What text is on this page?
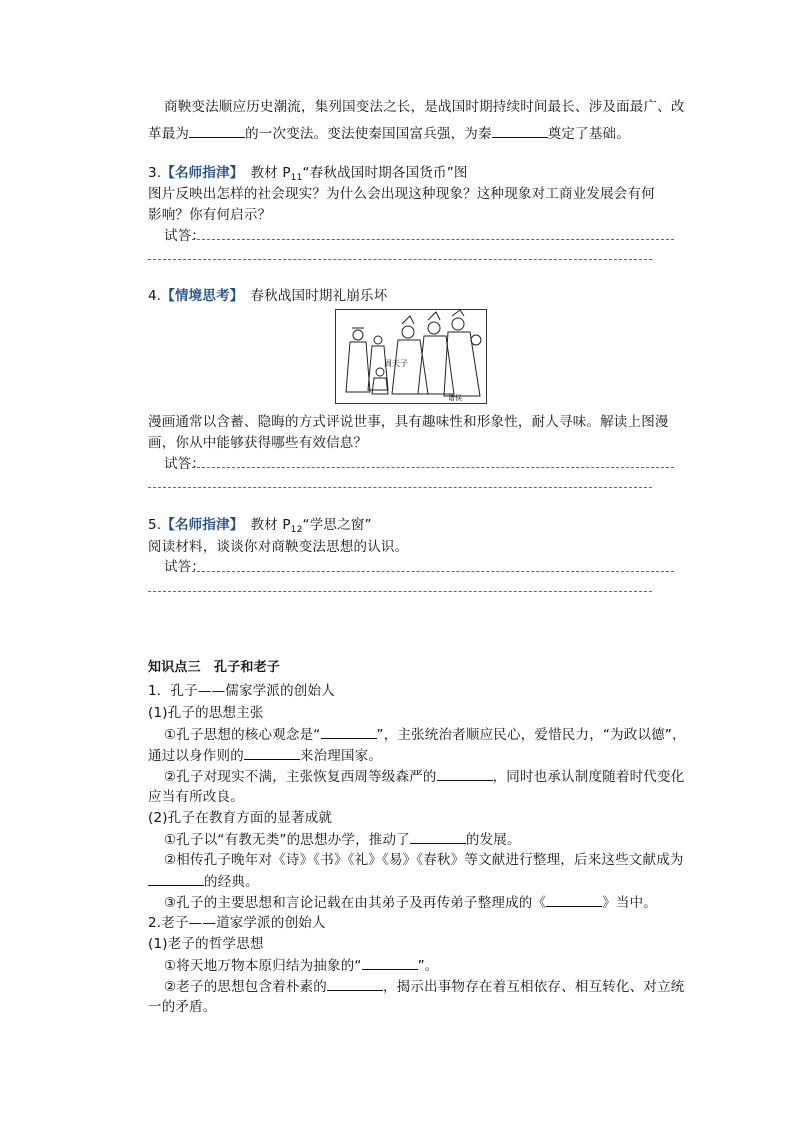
商鞅变法顺应历史潮流，集列国变法之长，是战国时期持续时间最长、涉及面最广、改
革最为	的一次变法。变法使秦国国富兵强，为秦	奠定了基础。
3.【名师指津】　 教材 $P_{11}“$春秋战国时期各国货币”图
图片反映出怎样的社会现实？为什么会出现这种现象？这种现象对工商业发展会有何
影响？你有何启示？
试答：
4.【情境思考】　 春秋战国时期礼崩乐坏
周天子
诸侯
漫画通常以含蓄、隐晦的方式评说世事，具有趣味性和形象性，耐人寻味。解读上图漫
画，你从中能够获得哪些有效信息？
试答：
5.【名师指津】　 教材 $P_{12}“$学思之窗”
阅读材料，谈谈你对商鞅变法思想的认识。
试答：
知识点三　孔子和老子
1．孔子——儒家学派的创始人
(1)孔子的思想主张
①孔子思想的核心观念是“	”，主张统治者顺应民心，爱惜民力，“为政以德”，
通过以身作则的	来治理国家。
②孔子对现实不满，主张恢复西周等级森严的	，同时也承认制度随着时代变化
应当有所改良。
(2)孔子在教育方面的显著成就
①孔子以“有教无类”的思想办学，推动了	的发展。
②相传孔子晚年对《诗》《书》《礼》《易》《春秋》等文献进行整理，后来这些文献成为
的经典。
③孔子的主要思想和言论记载在由其弟子及再传弟子整理成的《	》当中。
2.老子——道家学派的创始人
(1)老子的哲学思想
①将天地万物本原归结为抽象的“	”。
②老子的思想包含着朴素的	，揭示出事物存在着互相依存、相互转化、对立统
一的矛盾。
